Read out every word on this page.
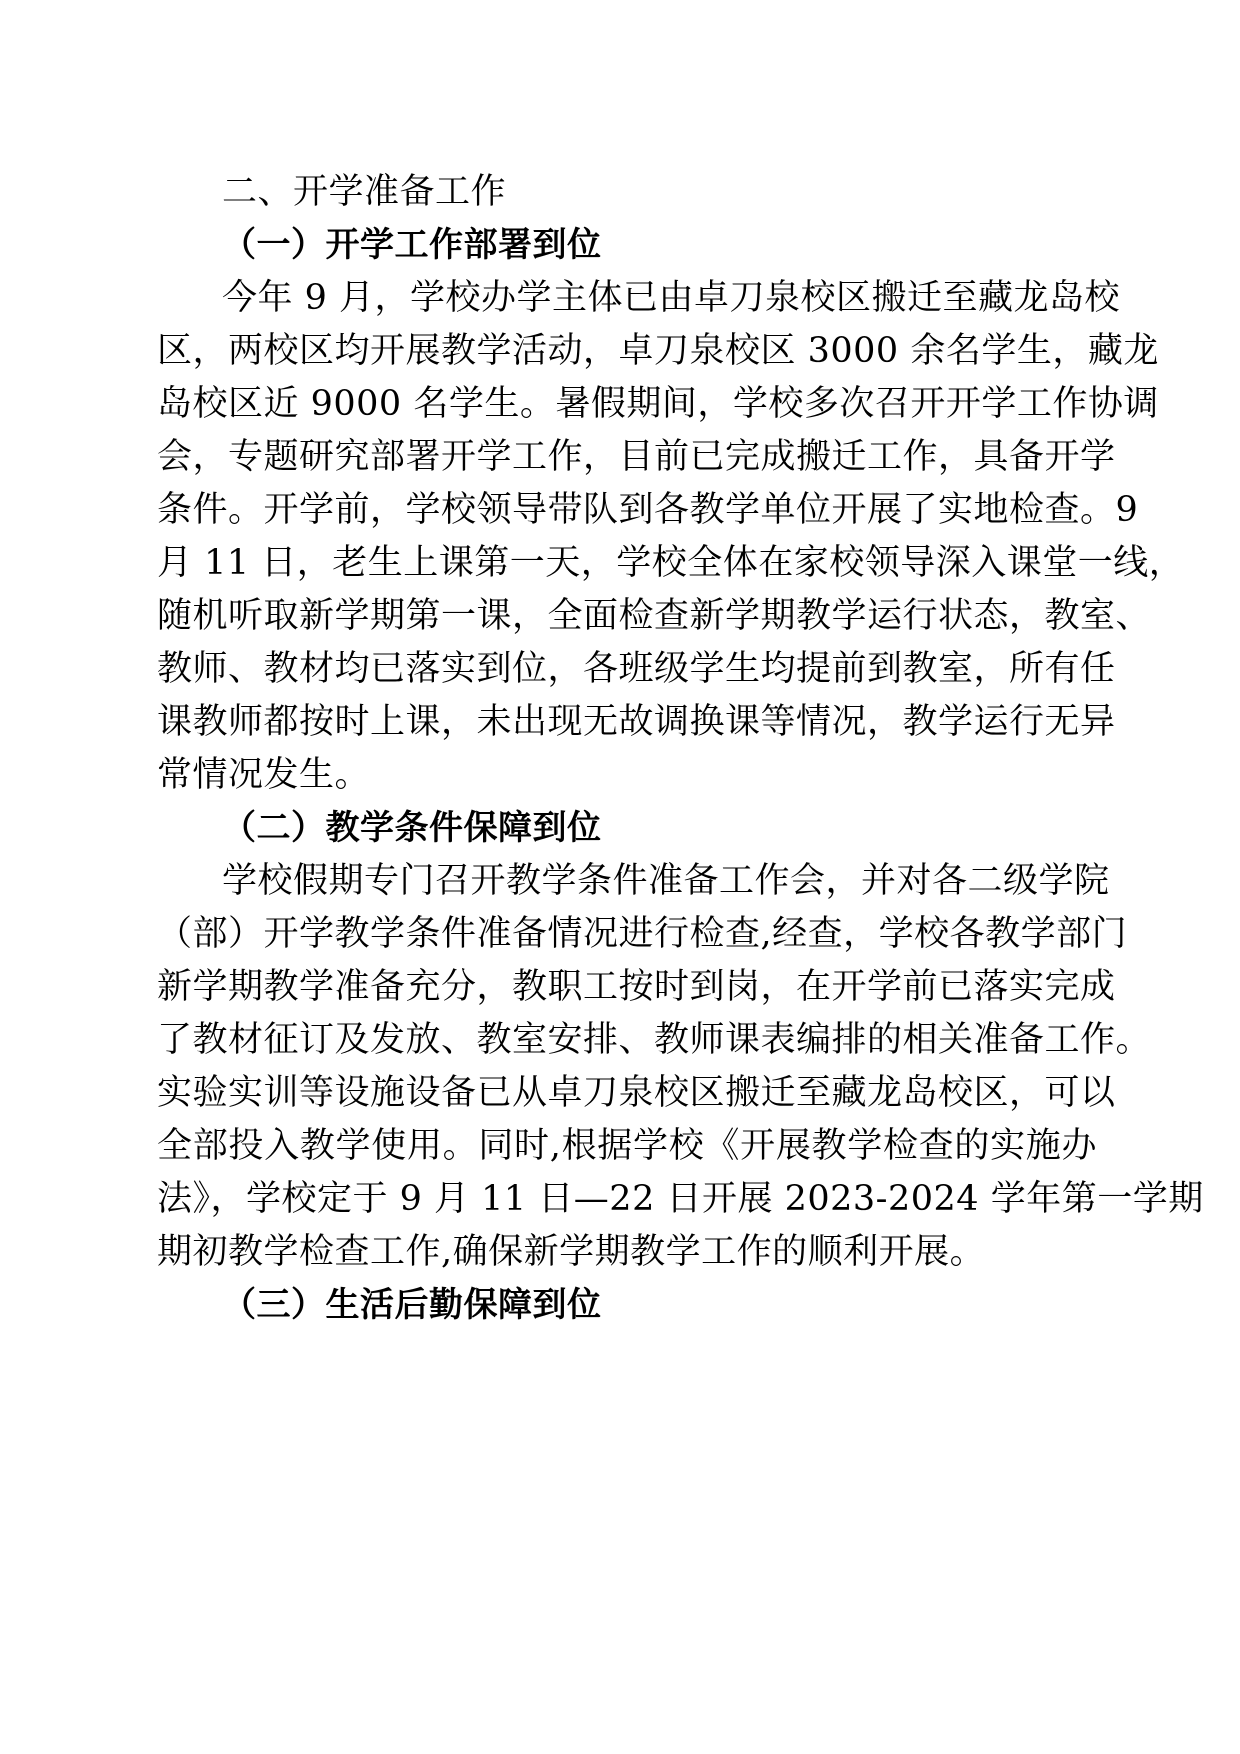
二、开学准备工作
（一）开学工作部署到位
今年 9 月，学校办学主体已由卓刀泉校区搬迁至藏龙岛校
区，两校区均开展教学活动，卓刀泉校区 3000 余名学生，藏龙
岛校区近 9000 名学生。暑假期间，学校多次召开开学工作协调
会，专题研究部署开学工作，目前已完成搬迁工作，具备开学
条件。开学前，学校领导带队到各教学单位开展了实地检查。9
月 11 日，老生上课第一天，学校全体在家校领导深入课堂一线，
随机听取新学期第一课，全面检查新学期教学运行状态，教室、
教师、教材均已落实到位，各班级学生均提前到教室，所有任
课教师都按时上课，未出现无故调换课等情况，教学运行无异
常情况发生。
（二）教学条件保障到位
学校假期专门召开教学条件准备工作会，并对各二级学院
（部）开学教学条件准备情况进行检查,经查，学校各教学部门
新学期教学准备充分，教职工按时到岗，在开学前已落实完成
了教材征订及发放、教室安排、教师课表编排的相关准备工作。
实验实训等设施设备已从卓刀泉校区搬迁至藏龙岛校区，可以
全部投入教学使用。同时,根据学校《开展教学检查的实施办
法》，学校定于 9 月 11 日—22 日开展 2023-2024 学年第一学期
期初教学检查工作,确保新学期教学工作的顺利开展。
（三）生活后勤保障到位
